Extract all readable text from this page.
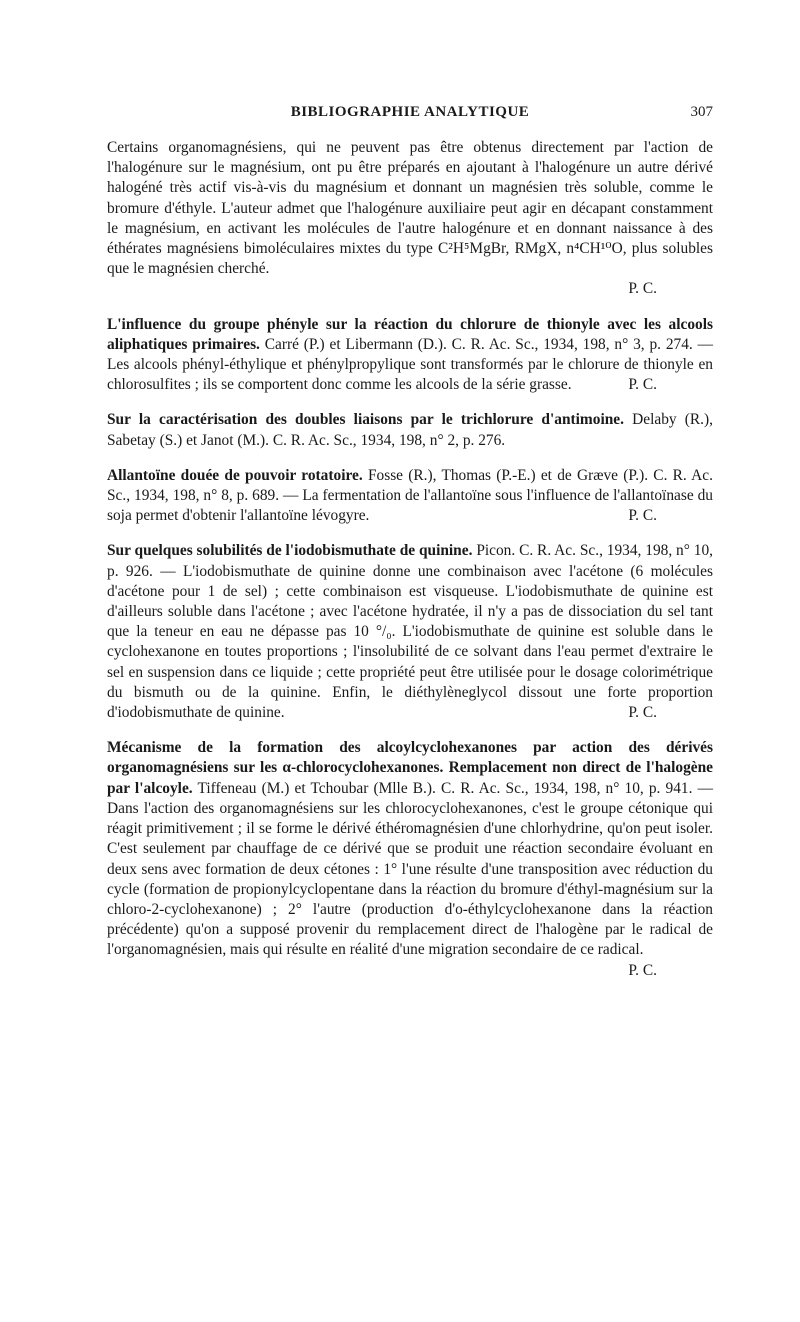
BIBLIOGRAPHIE ANALYTIQUE	307

Certains organomagnésiens, qui ne peuvent pas être obtenus directement par l'action de l'halogénure sur le magnésium, ont pu être préparés en ajoutant à l'halogénure un autre dérivé halogéné très actif vis-à-vis du magnésium et donnant un magnésien très soluble, comme le bromure d'éthyle. L'auteur admet que l'halogénure auxiliaire peut agir en décapant constamment le magnésium, en activant les molécules de l'autre halogénure et en donnant naissance à des éthérates magnésiens bimoléculaires mixtes du type C²H⁵MgBr, RMgX, n⁴CH¹⁰O, plus solubles que le magnésien cherché.

P. C.

L'influence du groupe phényle sur la réaction du chlorure de thionyle avec les alcools aliphatiques primaires. Carré (P.) et Libermann (D.). C. R. Ac. Sc., 1934, 198, n° 3, p. 274. — Les alcools phényl-éthylique et phénylpropylique sont transformés par le chlorure de thionyle en chlorosulfites ; ils se comportent donc comme les alcools de la série grasse.	P. C.

Sur la caractérisation des doubles liaisons par le trichlorure d'antimoine. Delaby (R.), Sabetay (S.) et Janot (M.). C. R. Ac. Sc., 1934, 198, n° 2, p. 276.

Allantoïne douée de pouvoir rotatoire. Fosse (R.), Thomas (P.-E.) et de Græve (P.). C. R. Ac. Sc., 1934, 198, n° 8, p. 689. — La fermentation de l'allantoïne sous l'influence de l'allantoïnase du soja permet d'obtenir l'allantoïne lévogyre.	P. C.

Sur quelques solubilités de l'iodobismuthate de quinine. Picon. C. R. Ac. Sc., 1934, 198, n° 10, p. 926. — L'iodobismuthate de quinine donne une combinaison avec l'acétone (6 molécules d'acétone pour 1 de sel) ; cette combinaison est visqueuse. L'iodobismuthate de quinine est d'ailleurs soluble dans l'acétone ; avec l'acétone hydratée, il n'y a pas de dissociation du sel tant que la teneur en eau ne dépasse pas 10 °/₀. L'iodobismuthate de quinine est soluble dans le cyclohexanone en toutes proportions ; l'insolubilité de ce solvant dans l'eau permet d'extraire le sel en suspension dans ce liquide ; cette propriété peut être utilisée pour le dosage colorimétrique du bismuth ou de la quinine. Enfin, le diéthylèneglycol dissout une forte proportion d'iodobismuthate de quinine.	P. C.

Mécanisme de la formation des alcoylcyclohexanones par action des dérivés organomagnésiens sur les α-chlorocyclohexanones. Remplacement non direct de l'halogène par l'alcoyle. Tiffeneau (M.) et Tchoubar (Mlle B.). C. R. Ac. Sc., 1934, 198, n° 10, p. 941. — Dans l'action des organomagnésiens sur les chlorocyclohexanones, c'est le groupe cétonique qui réagit primitivement ; il se forme le dérivé éthéromagnésien d'une chlorhydrine, qu'on peut isoler. C'est seulement par chauffage de ce dérivé que se produit une réaction secondaire évoluant en deux sens avec formation de deux cétones : 1° l'une résulte d'une transposition avec réduction du cycle (formation de propionylcyclopentane dans la réaction du bromure d'éthyl-magnésium sur la chloro-2-cyclohexanone) ; 2° l'autre (production d'o-éthylcyclohexanone dans la réaction précédente) qu'on a supposé provenir du remplacement direct de l'halogène par le radical de l'organomagnésien, mais qui résulte en réalité d'une migration secondaire de ce radical.
P. C.
